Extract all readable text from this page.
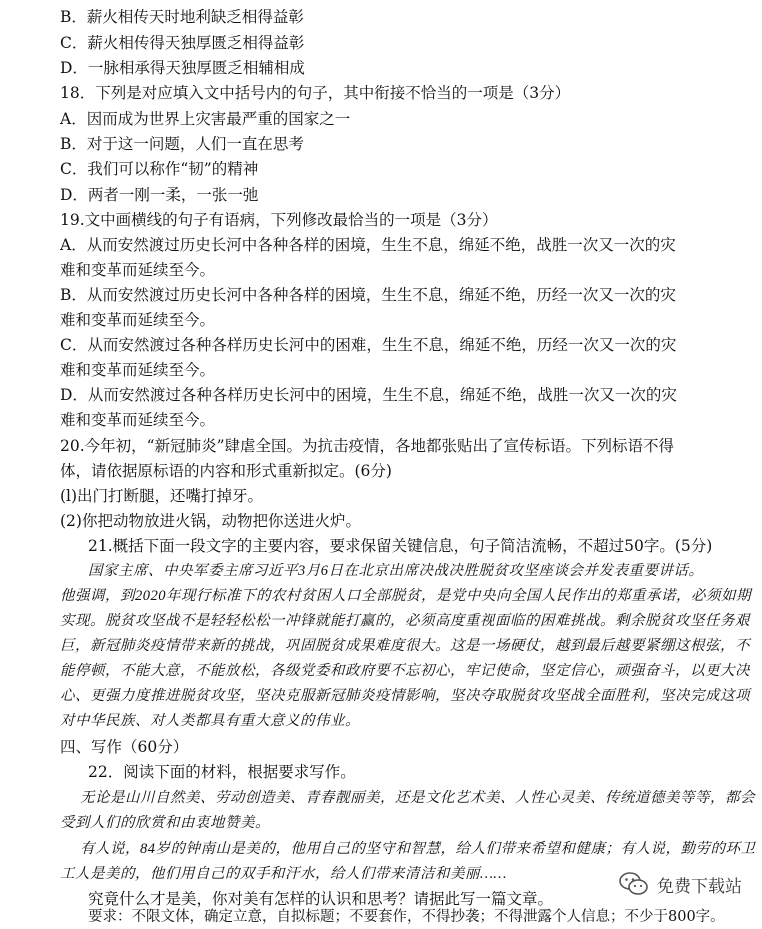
B．薪火相传天时地利缺乏相得益彰
C．薪火相传得天独厚匮乏相得益彰
D．一脉相承得天独厚匮乏相辅相成
18．下列是对应填入文中括号内的句子，其中衔接不恰当的一项是（3分）
A．因而成为世界上灾害最严重的国家之一
B．对于这一问题，人们一直在思考
C．我们可以称作“韧”的精神
D．两者一刚一柔，一张一弛
19.文中画横线的句子有语病，下列修改最恰当的一项是（3分）
A．从而安然渡过历史长河中各种各样的困境，生生不息，绵延不绝，战胜一次又一次的灾
难和变革而延续至今。
B．从而安然渡过历史长河中各种各样的困境，生生不息，绵延不绝，历经一次又一次的灾
难和变革而延续至今。
C．从而安然渡过各种各样历史长河中的困难，生生不息，绵延不绝，历经一次又一次的灾
难和变革而延续至今。
D．从而安然渡过各种各样历史长河中的困境，生生不息，绵延不绝，战胜一次又一次的灾
难和变革而延续至今。
20.今年初，“新冠肺炎”肆虐全国。为抗击疫情，各地都张贴出了宣传标语。下列标语不得
体，请依据原标语的内容和形式重新拟定。(6分)
(l)出门打断腿，还嘴打掉牙。
(2)你把动物放进火锅，动物把你送进火炉。
21.概括下面一段文字的主要内容，要求保留关键信息，句子简洁流畅，不超过50字。(5分)
国家主席、中央军委主席习近平3月6日在北京出席决战决胜脱贫攻坚座谈会并发表重要讲话。
他强调，到2020年现行标准下的农村贫困人口全部脱贫，是党中央向全国人民作出的郑重承诺，必须如期
实现。脱贫攻坚战不是轻轻松松一冲锋就能打赢的，必须高度重视面临的困难挑战。剩余脱贫攻坚任务艰
巨，新冠肺炎疫情带来新的挑战，巩固脱贫成果难度很大。这是一场硬仗，越到最后越要紧绷这根弦，不
能停顿，不能大意，不能放松，各级党委和政府要不忘初心，牢记使命，坚定信心，顽强奋斗，以更大决
心、更强力度推进脱贫攻坚，坚决克服新冠肺炎疫情影响，坚决夺取脱贫攻坚战全面胜利，坚决完成这项
对中华民族、对人类都具有重大意义的伟业。
四、写作（60分）
22．阅读下面的材料，根据要求写作。
无论是山川自然美、劳动创造美、青春靓丽美，还是文化艺术美、人性心灵美、传统道德美等等，都会
受到人们的欣赏和由衷地赞美。
有人说，84岁的钟南山是美的，他用自己的坚守和智慧，给人们带来希望和健康；有人说，勤劳的环卫
工人是美的，他们用自己的双手和汗水，给人们带来清洁和美丽……
究竟什么才是美，你对美有怎样的认识和思考？请据此写一篇文章。
要求：不限文体，确定立意，自拟标题；不要套作，不得抄袭；不得泄露个人信息；不少于800字。
免费下载站
